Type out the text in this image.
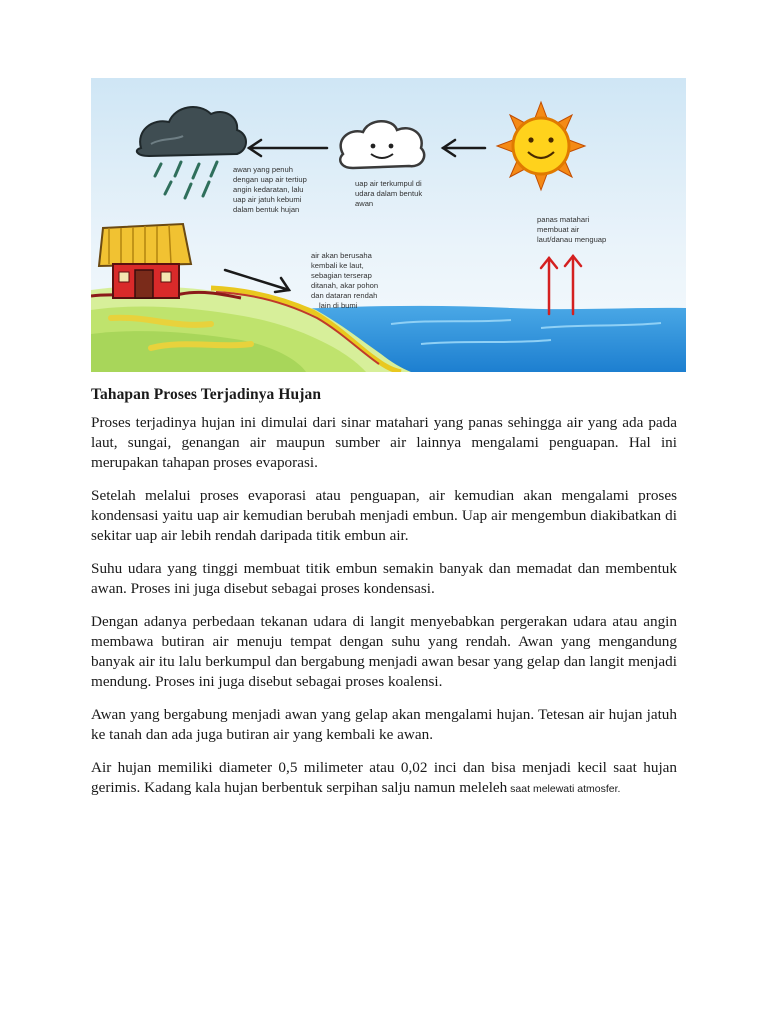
awan yang penuh dengan uap air tertiup angin kedaratan, lalu uap air jatuh kebumi dalam bentuk hujan
uap air terkumpul di udara dalam bentuk awan
panas matahari membuat air laut/danau menguap
air akan berusaha kembali ke laut, sebagian terserap ditanah, akar pohon dan dataran rendah lain di bumi
Tahapan Proses Terjadinya Hujan

Proses terjadinya hujan ini dimulai dari sinar matahari yang panas sehingga air yang ada pada laut, sungai, genangan air maupun sumber air lainnya mengalami penguapan. Hal ini merupakan tahapan proses evaporasi.

Setelah melalui proses evaporasi atau penguapan, air kemudian akan mengalami proses kondensasi yaitu uap air kemudian berubah menjadi embun. Uap air mengembun diakibatkan di sekitar uap air lebih rendah daripada titik embun air.

Suhu udara yang tinggi membuat titik embun semakin banyak dan memadat dan membentuk awan. Proses ini juga disebut sebagai proses kondensasi.

Dengan adanya perbedaan tekanan udara di langit menyebabkan pergerakan udara atau angin membawa butiran air menuju tempat dengan suhu yang rendah. Awan yang mengandung banyak air itu lalu berkumpul dan bergabung menjadi awan besar yang gelap dan langit menjadi mendung. Proses ini juga disebut sebagai proses koalensi.

Awan yang bergabung menjadi awan yang gelap akan mengalami hujan. Tetesan air hujan jatuh ke tanah dan ada juga butiran air yang kembali ke awan.

Air hujan memiliki diameter 0,5 milimeter atau 0,02 inci dan bisa menjadi kecil saat hujan gerimis. Kadang kala hujan berbentuk serpihan salju namun meleleh saat melewati atmosfer.
